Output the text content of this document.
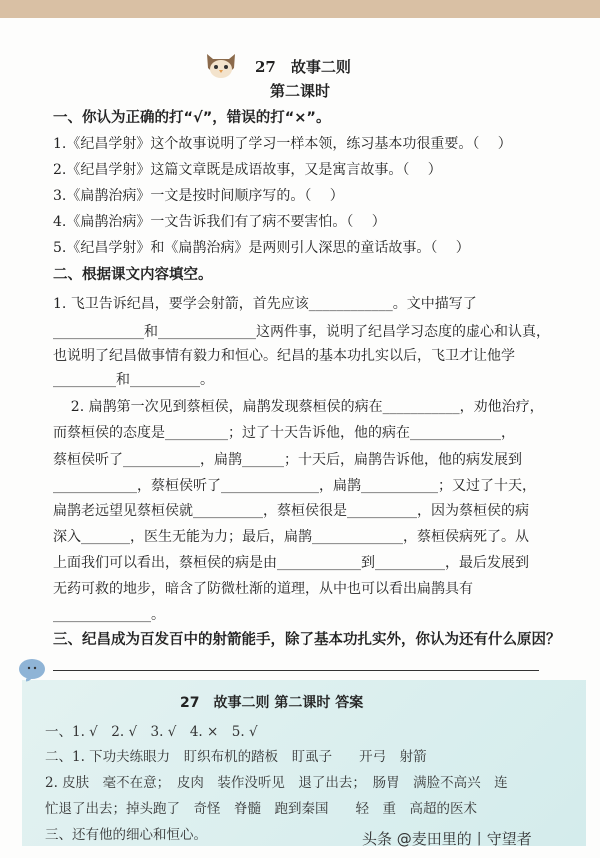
27　故事二则
第二课时
一、你认为正确的打“√”，错误的打“×”。
1.《纪昌学射》这个故事说明了学习一样本领，练习基本功很重要。（　 ）
2.《纪昌学射》这篇文章既是成语故事，又是寓言故事。（　 ）
3.《扁鹊治病》一文是按时间顺序写的。（　 ）
4.《扁鹊治病》一文告诉我们有了病不要害怕。（　 ）
5.《纪昌学射》和《扁鹊治病》是两则引人深思的童话故事。（　 ）
二、根据课文内容填空。
1. 飞卫告诉纪昌，要学会射箭，首先应该____________。文中描写了
_____________和______________这两件事，说明了纪昌学习态度的虚心和认真，
也说明了纪昌做事情有毅力和恒心。纪昌的基本功扎实以后，飞卫才让他学
_________和__________。
2. 扁鹊第一次见到蔡桓侯，扁鹊发现蔡桓侯的病在___________，劝他治疗，
而蔡桓侯的态度是_________；过了十天告诉他，他的病在_____________，
蔡桓侯听了___________，扁鹊______；十天后，扁鹊告诉他，他的病发展到
____________，蔡桓侯听了______________，扁鹊___________；又过了十天，
扁鹊老远望见蔡桓侯就__________，蔡桓侯很是__________，因为蔡桓侯的病
深入_______，医生无能为力；最后，扁鹊_____________，蔡桓侯病死了。从
上面我们可以看出，蔡桓侯的病是由____________到__________，最后发展到
无药可救的地步，暗含了防微杜渐的道理，从中也可以看出扁鹊具有
______________。
三、纪昌成为百发百中的射箭能手，除了基本功扎实外，你认为还有什么原因？
27　故事二则 第二课时 答案
一、1. √　2. √　3. √　4. ×　5. √
二、1. 下功夫练眼力　盯织布机的踏板　盯虱子　　开弓　射箭
2. 皮肤　毫不在意；　皮肉　装作没听见　退了出去；　肠胃　满脸不高兴　连
忙退了出去；掉头跑了　奇怪　脊髓　跑到秦国　　轻　重　高超的医术
三、还有他的细心和恒心。	头条 @麦田里的丨守望者
